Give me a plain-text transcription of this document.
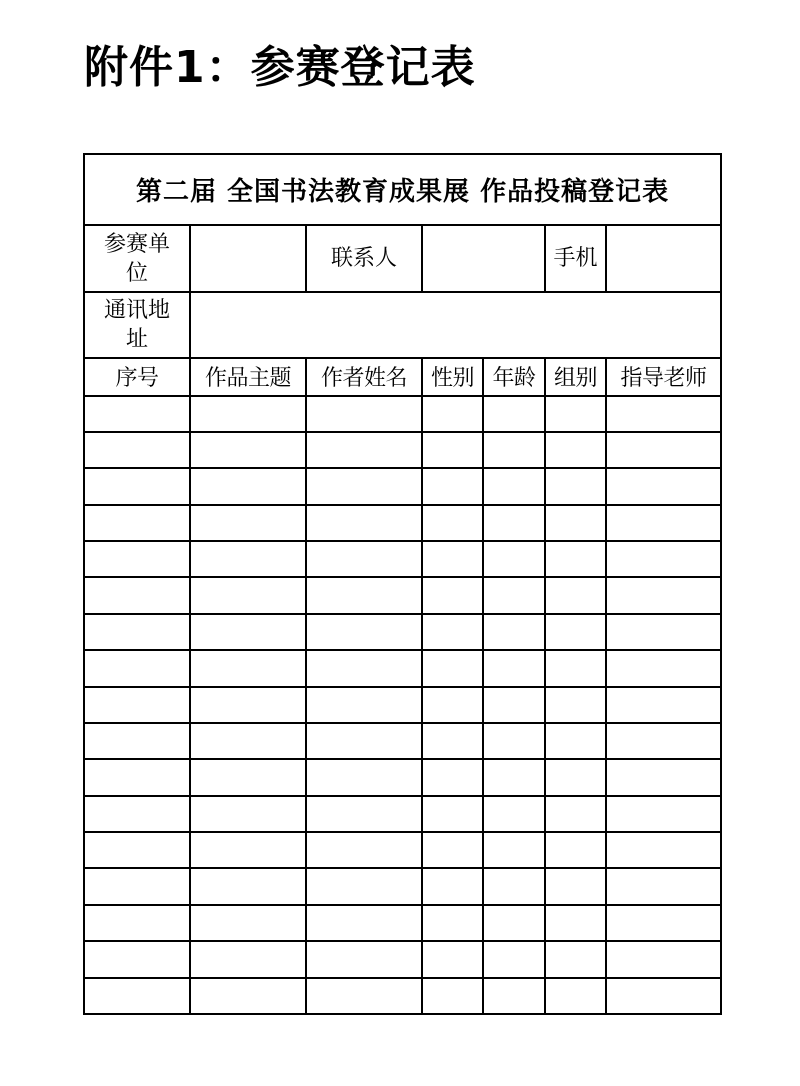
附件1：参赛登记表
第二届 全国书法教育成果展 作品投稿登记表						
参赛单位		联系人			手机	
通讯地址						
序号	作品主题	作者姓名	性别	年龄	组别	指导老师
